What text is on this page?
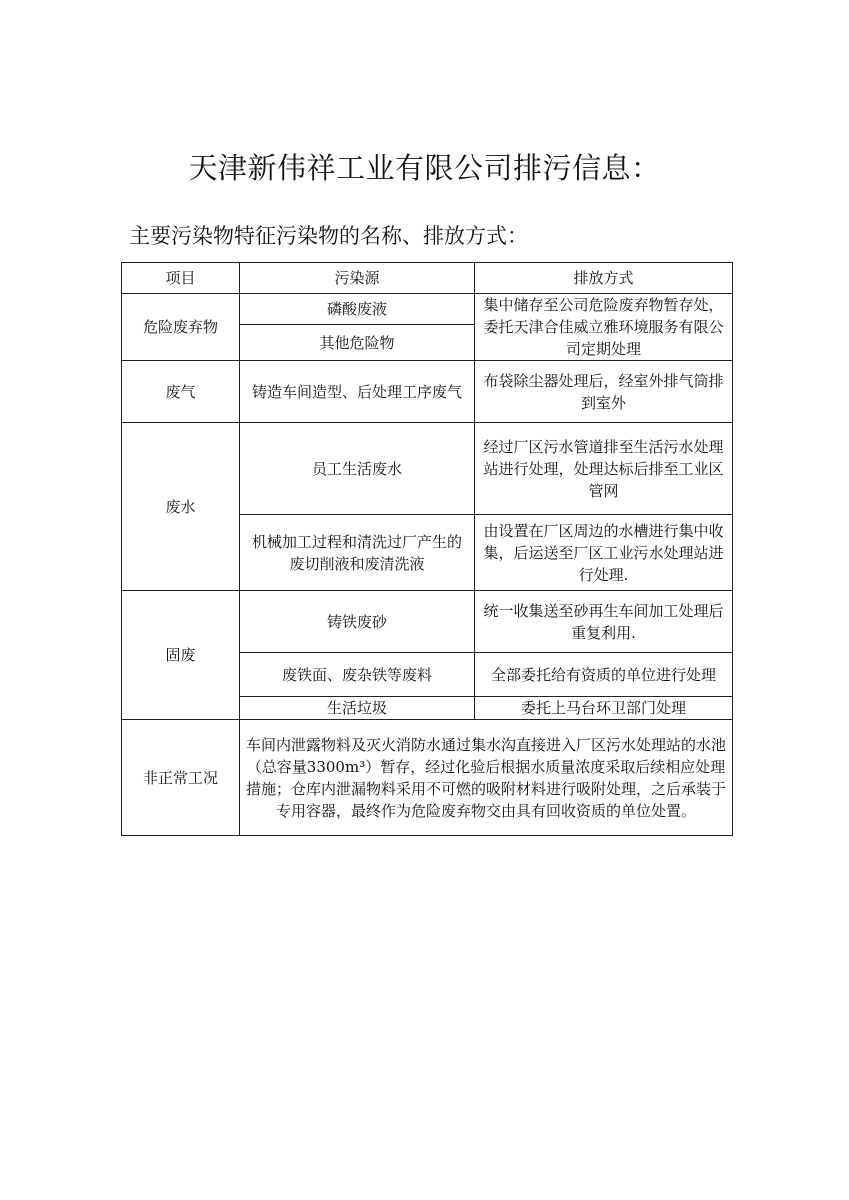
天津新伟祥工业有限公司排污信息：
主要污染物特征污染物的名称、排放方式：
项目	污染源	排放方式
危险废弃物	磷酸废液	集中储存至公司危险废弃物暂存处，委托天津合佳威立雅环境服务有限公司定期处理
	其他危险物	
废气	铸造车间造型、后处理工序废气	布袋除尘器处理后，经室外排气筒排到室外
废水	员工生活废水	经过厂区污水管道排至生活污水处理站进行处理，处理达标后排至工业区管网
	机械加工过程和清洗过厂产生的废切削液和废清洗液	由设置在厂区周边的水槽进行集中收集，后运送至厂区工业污水处理站进行处理.
固废	铸铁废砂	统一收集送至砂再生车间加工处理后重复利用.
	废铁面、废杂铁等废料	全部委托给有资质的单位进行处理
	生活垃圾	委托上马台环卫部门处理
非正常工况	车间内泄露物料及灭火消防水通过集水沟直接进入厂区污水处理站的水池（总容量3300m³）暂存，经过化验后根据水质量浓度采取后续相应处理措施；仓库内泄漏物料采用不可燃的吸附材料进行吸附处理，之后承装于专用容器，最终作为危险废弃物交由具有回收资质的单位处置。	
